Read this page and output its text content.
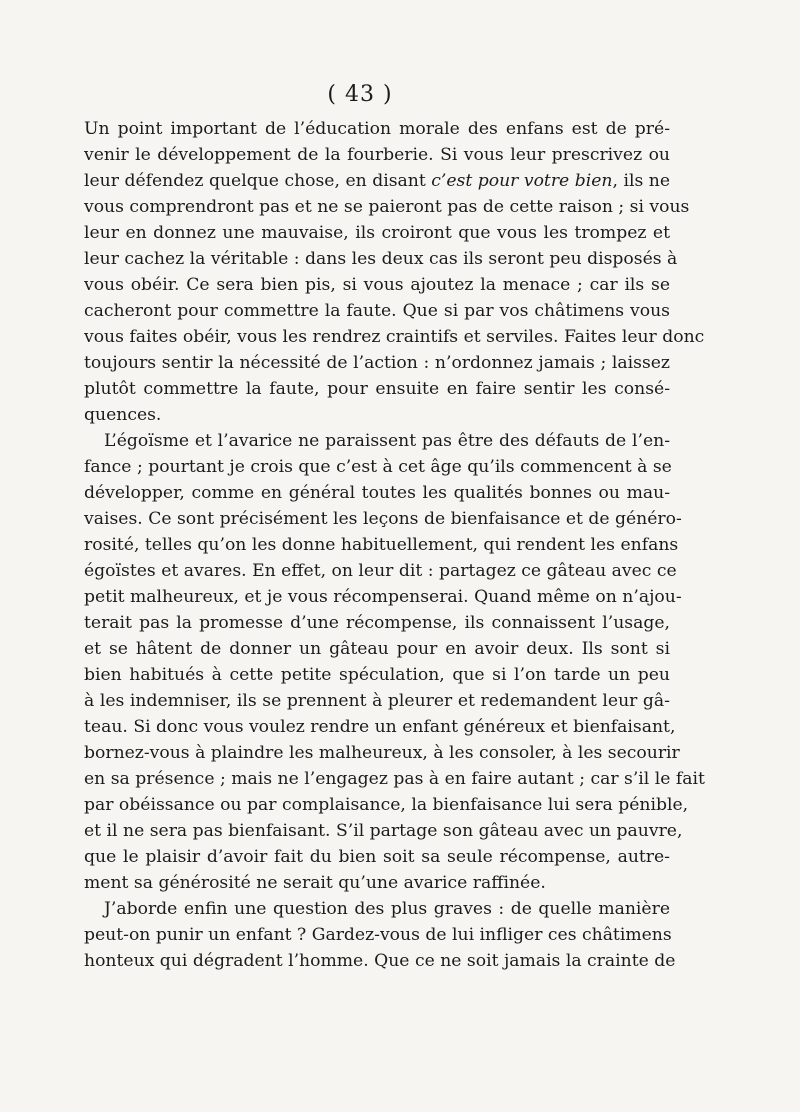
( 43 )
Un point important de l’éducation morale des enfans est de pré-
venir le développement de la fourberie. Si vous leur prescrivez ou
leur défendez quelque chose, en disant c’est pour votre bien, ils ne
vous comprendront pas et ne se paieront pas de cette raison ; si vous
leur en donnez une mauvaise, ils croiront que vous les trompez et
leur cachez la véritable : dans les deux cas ils seront peu disposés à
vous obéir. Ce sera bien pis, si vous ajoutez la menace ; car ils se
cacheront pour commettre la faute. Que si par vos châtimens vous
vous faites obéir, vous les rendrez craintifs et serviles. Faites leur donc
toujours sentir la nécessité de l’action : n’ordonnez jamais ; laissez
plutôt commettre la faute, pour ensuite en faire sentir les consé-
quences.
L’égoïsme et l’avarice ne paraissent pas être des défauts de l’en-
fance ; pourtant je crois que c’est à cet âge qu’ils commencent à se
développer, comme en général toutes les qualités bonnes ou mau-
vaises. Ce sont précisément les leçons de bienfaisance et de généro-
rosité, telles qu’on les donne habituellement, qui rendent les enfans
égoïstes et avares. En effet, on leur dit : partagez ce gâteau avec ce
petit malheureux, et je vous récompenserai. Quand même on n’ajou-
terait pas la promesse d’une récompense, ils connaissent l’usage,
et se hâtent de donner un gâteau pour en avoir deux. Ils sont si
bien habitués à cette petite spéculation, que si l’on tarde un peu
à les indemniser, ils se prennent à pleurer et redemandent leur gâ-
teau. Si donc vous voulez rendre un enfant généreux et bienfaisant,
bornez-vous à plaindre les malheureux, à les consoler, à les secourir
en sa présence ; mais ne l’engagez pas à en faire autant ; car s’il le fait
par obéissance ou par complaisance, la bienfaisance lui sera pénible,
et il ne sera pas bienfaisant. S’il partage son gâteau avec un pauvre,
que le plaisir d’avoir fait du bien soit sa seule récompense, autre-
ment sa générosité ne serait qu’une avarice raffinée.
J’aborde enfin une question des plus graves : de quelle manière
peut-on punir un enfant ? Gardez-vous de lui infliger ces châtimens
honteux qui dégradent l’homme. Que ce ne soit jamais la crainte de
